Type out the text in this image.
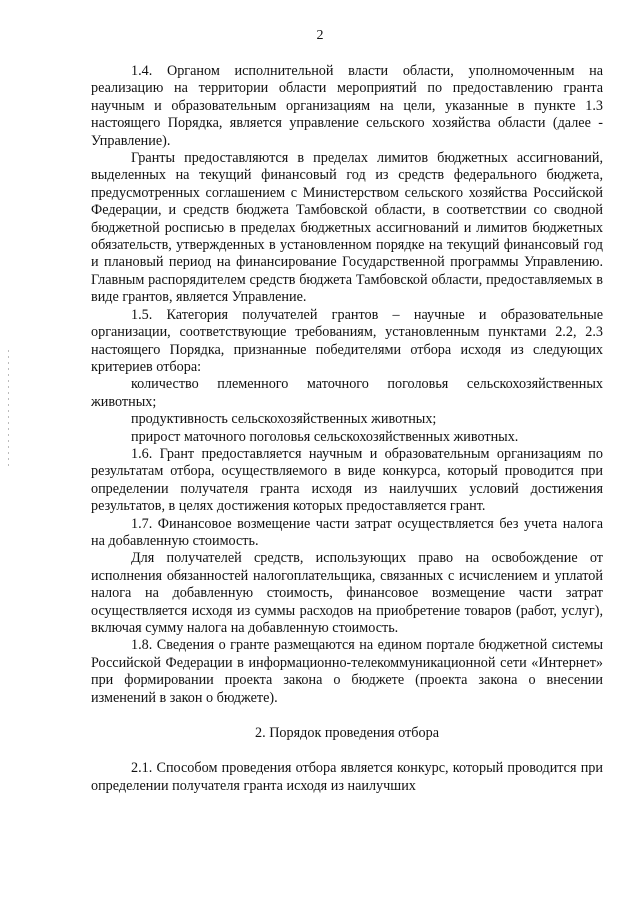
2

1.4. Органом исполнительной власти области, уполномоченным на реализацию на территории области мероприятий по предоставлению гранта научным и образовательным организациям на цели, указанные в пункте 1.3 настоящего Порядка, является управление сельского хозяйства области (далее - Управление).

Гранты предоставляются в пределах лимитов бюджетных ассигнований, выделенных на текущий финансовый год из средств федерального бюджета, предусмотренных соглашением с Министерством сельского хозяйства Российской Федерации, и средств бюджета Тамбовской области, в соответствии со сводной бюджетной росписью в пределах бюджетных ассигнований и лимитов бюджетных обязательств, утвержденных в установленном порядке на текущий финансовый год и плановый период на финансирование Государственной программы Управлению. Главным распорядителем средств бюджета Тамбовской области, предоставляемых в виде грантов, является Управление.

1.5. Категория получателей грантов – научные и образовательные организации, соответствующие требованиям, установленным пунктами 2.2, 2.3 настоящего Порядка, признанные победителями отбора исходя из следующих критериев отбора:

количество племенного маточного поголовья сельскохозяйственных животных;

продуктивность сельскохозяйственных животных;

прирост маточного поголовья сельскохозяйственных животных.

1.6. Грант предоставляется научным и образовательным организациям по результатам отбора, осуществляемого в виде конкурса, который проводится при определении получателя гранта исходя из наилучших условий достижения результатов, в целях достижения которых предоставляется грант.

1.7. Финансовое возмещение части затрат осуществляется без учета налога на добавленную стоимость.

Для получателей средств, использующих право на освобождение от исполнения обязанностей налогоплательщика, связанных с исчислением и уплатой налога на добавленную стоимость, финансовое возмещение части затрат осуществляется исходя из суммы расходов на приобретение товаров (работ, услуг), включая сумму налога на добавленную стоимость.

1.8. Сведения о гранте размещаются на едином портале бюджетной системы Российской Федерации в информационно-телекоммуникационной сети «Интернет» при формировании проекта закона о бюджете (проекта закона о внесении изменений в закон о бюджете).

2. Порядок проведения отбора

2.1. Способом проведения отбора является конкурс, который проводится при определении получателя гранта исходя из наилучших
